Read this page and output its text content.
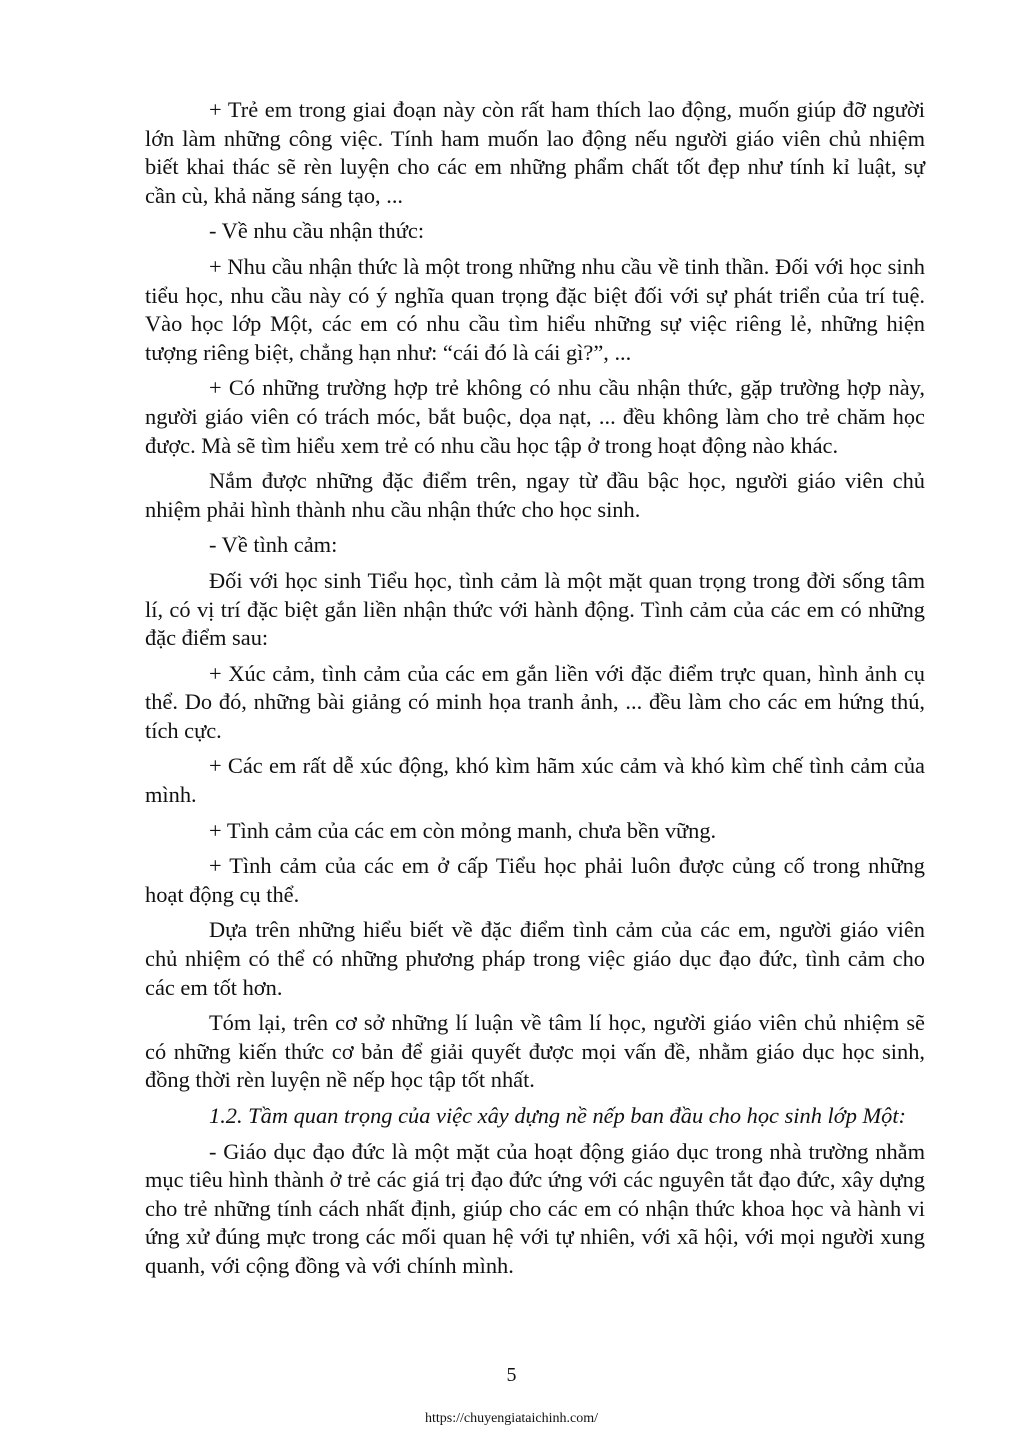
+ Trẻ em trong giai đoạn này còn rất ham thích lao động, muốn giúp đỡ người lớn làm những công việc. Tính ham muốn lao động nếu người giáo viên chủ nhiệm biết khai thác sẽ rèn luyện cho các em những phẩm chất tốt đẹp như tính kỉ luật, sự cần cù, khả năng sáng tạo, ...

- Về nhu cầu nhận thức:

+ Nhu cầu nhận thức là một trong những nhu cầu về tinh thần. Đối với học sinh tiểu học, nhu cầu này có ý nghĩa quan trọng đặc biệt đối với sự phát triển của trí tuệ. Vào học lớp Một, các em có nhu cầu tìm hiểu những sự việc riêng lẻ, những hiện tượng riêng biệt, chẳng hạn như: “cái đó là cái gì?”, ...

+ Có những trường hợp trẻ không có nhu cầu nhận thức, gặp trường hợp này, người giáo viên có trách móc, bắt buộc, dọa nạt, ... đều không làm cho trẻ chăm học được. Mà sẽ tìm hiểu xem trẻ có nhu cầu học tập ở trong hoạt động nào khác.

Nắm được những đặc điểm trên, ngay từ đầu bậc học, người giáo viên chủ nhiệm phải hình thành nhu cầu nhận thức cho học sinh.

- Về tình cảm:

Đối với học sinh Tiểu học, tình cảm là một mặt quan trọng trong đời sống tâm lí, có vị trí đặc biệt gắn liền nhận thức với hành động. Tình cảm của các em có những đặc điểm sau:

+ Xúc cảm, tình cảm của các em gắn liền với đặc điểm trực quan, hình ảnh cụ thể. Do đó, những bài giảng có minh họa tranh ảnh, ... đều làm cho các em hứng thú, tích cực.

+ Các em rất dễ xúc động, khó kìm hãm xúc cảm và khó kìm chế tình cảm của mình.

+ Tình cảm của các em còn mỏng manh, chưa bền vững.

+ Tình cảm của các em ở cấp Tiểu học phải luôn được củng cố trong những hoạt động cụ thể.

Dựa trên những hiểu biết về đặc điểm tình cảm của các em, người giáo viên chủ nhiệm có thể có những phương pháp trong việc giáo dục đạo đức, tình cảm cho các em tốt hơn.

Tóm lại, trên cơ sở những lí luận về tâm lí học, người giáo viên chủ nhiệm sẽ có những kiến thức cơ bản để giải quyết được mọi vấn đề, nhằm giáo dục học sinh, đồng thời rèn luyện nề nếp học tập tốt nhất.

1.2. Tầm quan trọng của việc xây dựng nề nếp ban đầu cho học sinh lớp Một:

- Giáo dục đạo đức là một mặt của hoạt động giáo dục trong nhà trường nhằm mục tiêu hình thành ở trẻ các giá trị đạo đức ứng với các nguyên tắt đạo đức, xây dựng cho trẻ những tính cách nhất định, giúp cho các em có nhận thức khoa học và hành vi ứng xử đúng mực trong các mối quan hệ với tự nhiên, với xã hội, với mọi người xung quanh, với cộng đồng và với chính mình.

5
https://chuyengiataichinh.com/
